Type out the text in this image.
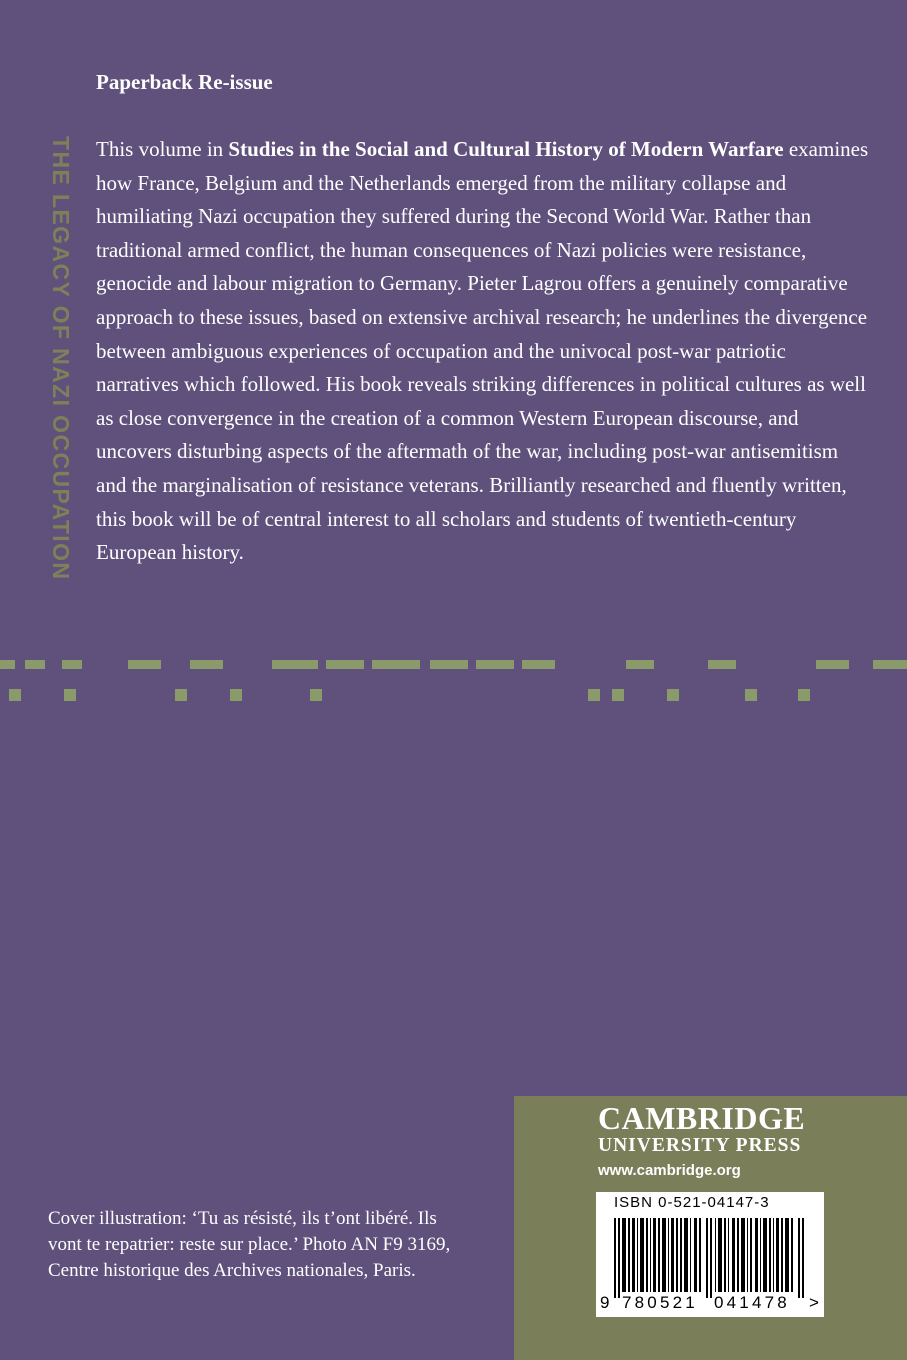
THE LEGACY OF NAZI OCCUPATION
Paperback Re-issue
This volume in Studies in the Social and Cultural History of Modern Warfare examines how France, Belgium and the Netherlands emerged from the military collapse and humiliating Nazi occupation they suffered during the Second World War. Rather than traditional armed conflict, the human consequences of Nazi policies were resistance, genocide and labour migration to Germany. Pieter Lagrou offers a genuinely comparative approach to these issues, based on extensive archival research; he underlines the divergence between ambiguous experiences of occupation and the univocal post-war patriotic narratives which followed. His book reveals striking differences in political cultures as well as close convergence in the creation of a common Western European discourse, and uncovers disturbing aspects of the aftermath of the war, including post-war antisemitism and the marginalisation of resistance veterans. Brilliantly researched and fluently written, this book will be of central interest to all scholars and students of twentieth-century European history.
Cover illustration: ‘Tu as résisté, ils t’ont libéré. Ils vont te repatrier: reste sur place.’ Photo AN F9 3169, Centre historique des Archives nationales, Paris.
CAMBRIDGE
UNIVERSITY PRESS
www.cambridge.org
ISBN 0-521-04147-3
9 780521 041478 >
